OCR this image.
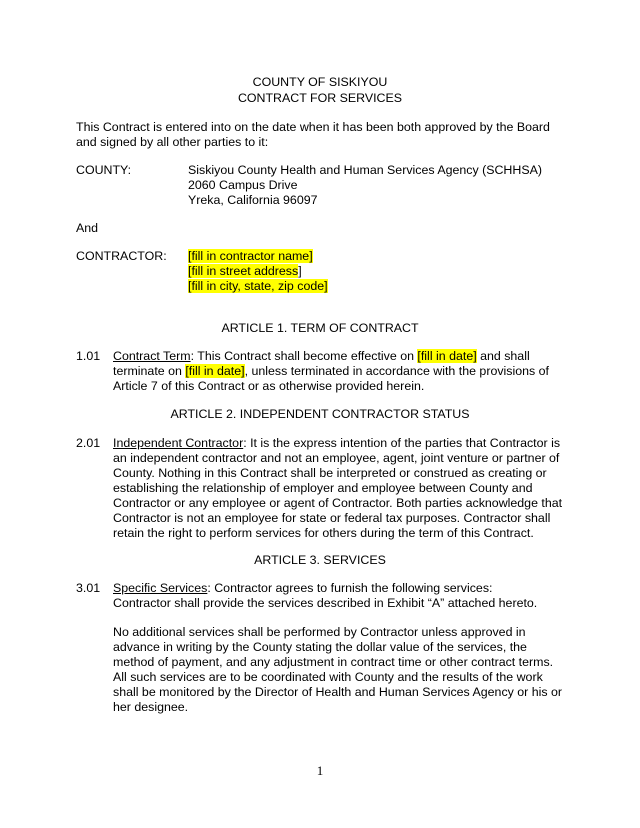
COUNTY OF SISKIYOU
CONTRACT FOR SERVICES
This Contract is entered into on the date when it has been both approved by the Board
and signed by all other parties to it:
COUNTY:	Siskiyou County Health and Human Services Agency (SCHHSA)
2060 Campus Drive
Yreka, California 96097
And
CONTRACTOR: [fill in contractor name]
[fill in street address]
[fill in city, state, zip code]
ARTICLE 1. TERM OF CONTRACT
1.01 Contract Term: This Contract shall become effective on [fill in date] and shall
terminate on [fill in date], unless terminated in accordance with the provisions of
Article 7 of this Contract or as otherwise provided herein.
ARTICLE 2. INDEPENDENT CONTRACTOR STATUS
2.01 Independent Contractor: It is the express intention of the parties that Contractor is
an independent contractor and not an employee, agent, joint venture or partner of
County. Nothing in this Contract shall be interpreted or construed as creating or
establishing the relationship of employer and employee between County and
Contractor or any employee or agent of Contractor. Both parties acknowledge that
Contractor is not an employee for state or federal tax purposes. Contractor shall
retain the right to perform services for others during the term of this Contract.
ARTICLE 3. SERVICES
3.01 Specific Services: Contractor agrees to furnish the following services:
Contractor shall provide the services described in Exhibit “A” attached hereto.
No additional services shall be performed by Contractor unless approved in
advance in writing by the County stating the dollar value of the services, the
method of payment, and any adjustment in contract time or other contract terms.
All such services are to be coordinated with County and the results of the work
shall be monitored by the Director of Health and Human Services Agency or his or
her designee.
1
